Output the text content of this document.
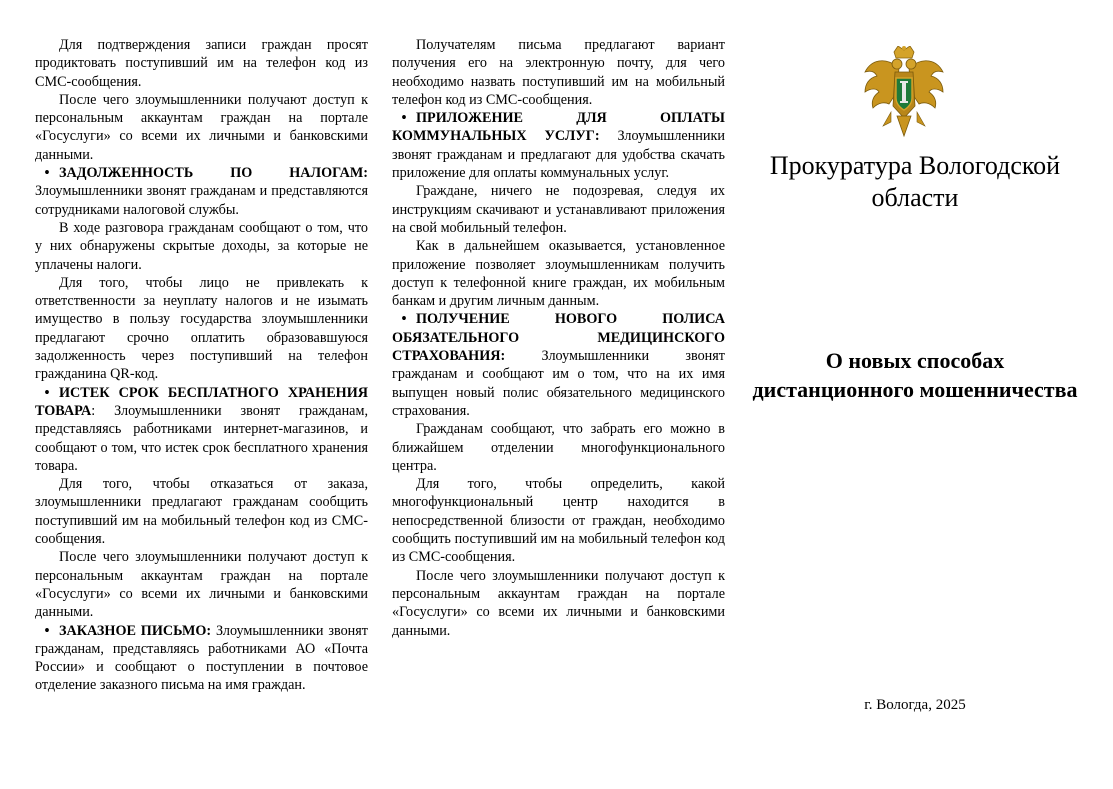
Для подтверждения записи граждан просят продиктовать поступивший им на телефон код из СМС-сообщения.

После чего злоумышленники получают доступ к персональным аккаунтам граждан на портале «Госуслуги» со всеми их личными и банковскими данными.

• ЗАДОЛЖЕННОСТЬ ПО НАЛОГАМ: Злоумышленники звонят гражданам и представляются сотрудниками налоговой службы.

В ходе разговора гражданам сообщают о том, что у них обнаружены скрытые доходы, за которые не уплачены налоги.

Для того, чтобы лицо не привлекать к ответственности за неуплату налогов и не изымать имущество в пользу государства злоумышленники предлагают срочно оплатить образовавшуюся задолженность через поступивший на телефон гражданина QR-код.

• ИСТЕК СРОК БЕСПЛАТНОГО ХРАНЕНИЯ ТОВАРА: Злоумышленники звонят гражданам, представляясь работниками интернет-магазинов, и сообщают о том, что истек срок бесплатного хранения товара.

Для того, чтобы отказаться от заказа, злоумышленники предлагают гражданам сообщить поступивший им на мобильный телефон код из СМС-сообщения.

После чего злоумышленники получают доступ к персональным аккаунтам граждан на портале «Госуслуги» со всеми их личными и банковскими данными.

• ЗАКАЗНОЕ ПИСЬМО: Злоумышленники звонят гражданам, представляясь работниками АО «Почта России» и сообщают о поступлении в почтовое отделение заказного письма на имя граждан.

Получателям письма предлагают вариант получения его на электронную почту, для чего необходимо назвать поступивший им на мобильный телефон код из СМС-сообщения.

• ПРИЛОЖЕНИЕ ДЛЯ ОПЛАТЫ КОММУНАЛЬНЫХ УСЛУГ: Злоумышленники звонят гражданам и предлагают для удобства скачать приложение для оплаты коммунальных услуг.

Граждане, ничего не подозревая, следуя их инструкциям скачивают и устанавливают приложения на свой мобильный телефон.

Как в дальнейшем оказывается, установленное приложение позволяет злоумышленникам получить доступ к телефонной книге граждан, их мобильным банкам и другим личным данным.

• ПОЛУЧЕНИЕ НОВОГО ПОЛИСА ОБЯЗАТЕЛЬНОГО МЕДИЦИНСКОГО СТРАХОВАНИЯ: Злоумышленники звонят гражданам и сообщают им о том, что на их имя выпущен новый полис обязательного медицинского страхования.

Гражданам сообщают, что забрать его можно в ближайшем отделении многофункционального центра.

Для того, чтобы определить, какой многофункциональный центр находится в непосредственной близости от граждан, необходимо сообщить поступивший им на мобильный телефон код из СМС-сообщения.

После чего злоумышленники получают доступ к персональным аккаунтам граждан на портале «Госуслуги» со всеми их личными и банковскими данными.

Прокуратура Вологодской области
О новых способах дистанционного мошенничества
г. Вологда, 2025
